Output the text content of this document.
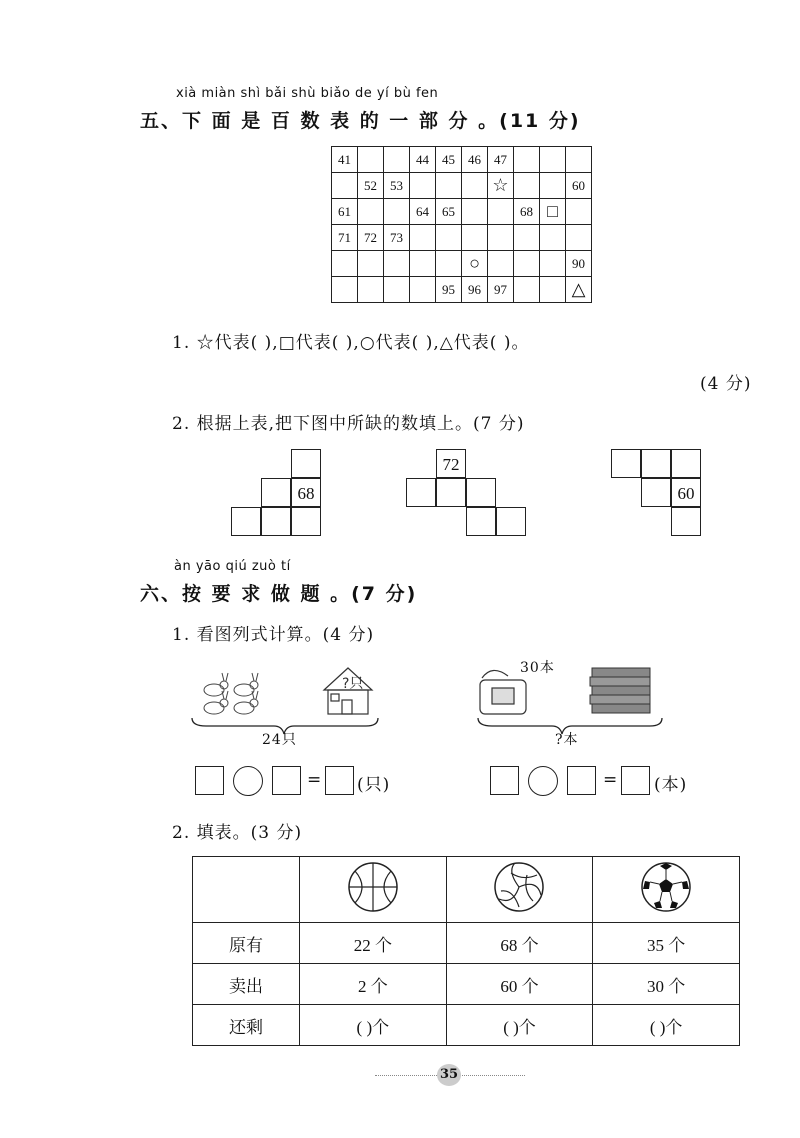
xià miàn shì bǎi shù biǎo de yí bù fen
五、下 面 是 百 数 表 的 一 部 分 。(11 分)
41			44	45	46	47			
	52	53				☆			60
61			64	65			68	□	
71	72	73							
					○				90
				95	96	97			△
1. ☆代表( ),□代表( ),○代表( ),△代表( )。
(4 分)
2. 根据上表,把下图中所缺的数填上。(7 分)
68
72
60
àn yāo qiú zuò tí
六、按 要 求 做 题 。(7 分)
1. 看图列式计算。(4 分)
?只
24只
30本
?本
= (只)	= (本)
2. 填表。(3 分)

原有	22 个	68 个	35 个
卖出	2 个	60 个	30 个
还剩	( )个	( )个	( )个
35
